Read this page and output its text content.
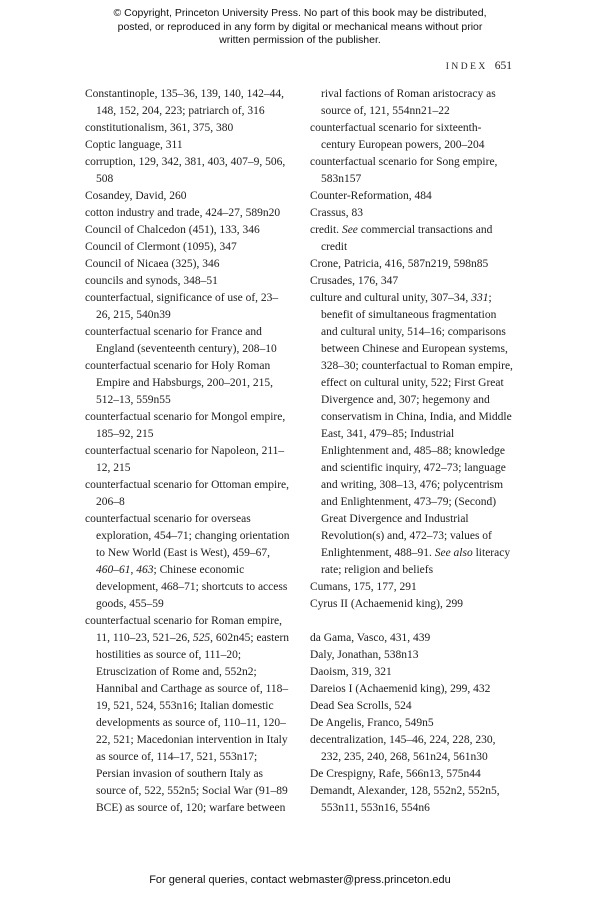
© Copyright, Princeton University Press. No part of this book may be distributed, posted, or reproduced in any form by digital or mechanical means without prior written permission of the publisher.
INDEX 651
Constantinople, 135–36, 139, 140, 142–44, 148, 152, 204, 223; patriarch of, 316
constitutionalism, 361, 375, 380
Coptic language, 311
corruption, 129, 342, 381, 403, 407–9, 506, 508
Cosandey, David, 260
cotton industry and trade, 424–27, 589n20
Council of Chalcedon (451), 133, 346
Council of Clermont (1095), 347
Council of Nicaea (325), 346
councils and synods, 348–51
counterfactual, significance of use of, 23–26, 215, 540n39
counterfactual scenario for France and England (seventeenth century), 208–10
counterfactual scenario for Holy Roman Empire and Habsburgs, 200–201, 215, 512–13, 559n55
counterfactual scenario for Mongol empire, 185–92, 215
counterfactual scenario for Napoleon, 211–12, 215
counterfactual scenario for Ottoman empire, 206–8
counterfactual scenario for overseas exploration, 454–71; changing orientation to New World (East is West), 459–67, 460–61, 463; Chinese economic development, 468–71; shortcuts to access goods, 455–59
counterfactual scenario for Roman empire, 11, 110–23, 521–26, 525, 602n45; eastern hostilities as source of, 111–20; Etruscization of Rome and, 552n2; Hannibal and Carthage as source of, 118–19, 521, 524, 553n16; Italian domestic developments as source of, 110–11, 120–22, 521; Macedonian intervention in Italy as source of, 114–17, 521, 553n17; Persian invasion of southern Italy as source of, 522, 552n5; Social War (91–89 BCE) as source of, 120; warfare between
rival factions of Roman aristocracy as source of, 121, 554nn21–22
counterfactual scenario for sixteenth-century European powers, 200–204
counterfactual scenario for Song empire, 583n157
Counter-Reformation, 484
Crassus, 83
credit. See commercial transactions and credit
Crone, Patricia, 416, 587n219, 598n85
Crusades, 176, 347
culture and cultural unity, 307–34, 331; benefit of simultaneous fragmentation and cultural unity, 514–16; comparisons between Chinese and European systems, 328–30; counterfactual to Roman empire, effect on cultural unity, 522; First Great Divergence and, 307; hegemony and conservatism in China, India, and Middle East, 341, 479–85; Industrial Enlightenment and, 485–88; knowledge and scientific inquiry, 472–73; language and writing, 308–13, 476; polycentrism and Enlightenment, 473–79; (Second) Great Divergence and Industrial Revolution(s) and, 472–73; values of Enlightenment, 488–91. See also literacy rate; religion and beliefs
Cumans, 175, 177, 291
Cyrus II (Achaemenid king), 299
da Gama, Vasco, 431, 439
Daly, Jonathan, 538n13
Daoism, 319, 321
Dareios I (Achaemenid king), 299, 432
Dead Sea Scrolls, 524
De Angelis, Franco, 549n5
decentralization, 145–46, 224, 228, 230, 232, 235, 240, 268, 561n24, 561n30
De Crespigny, Rafe, 566n13, 575n44
Demandt, Alexander, 128, 552n2, 552n5, 553n11, 553n16, 554n6
For general queries, contact webmaster@press.princeton.edu
